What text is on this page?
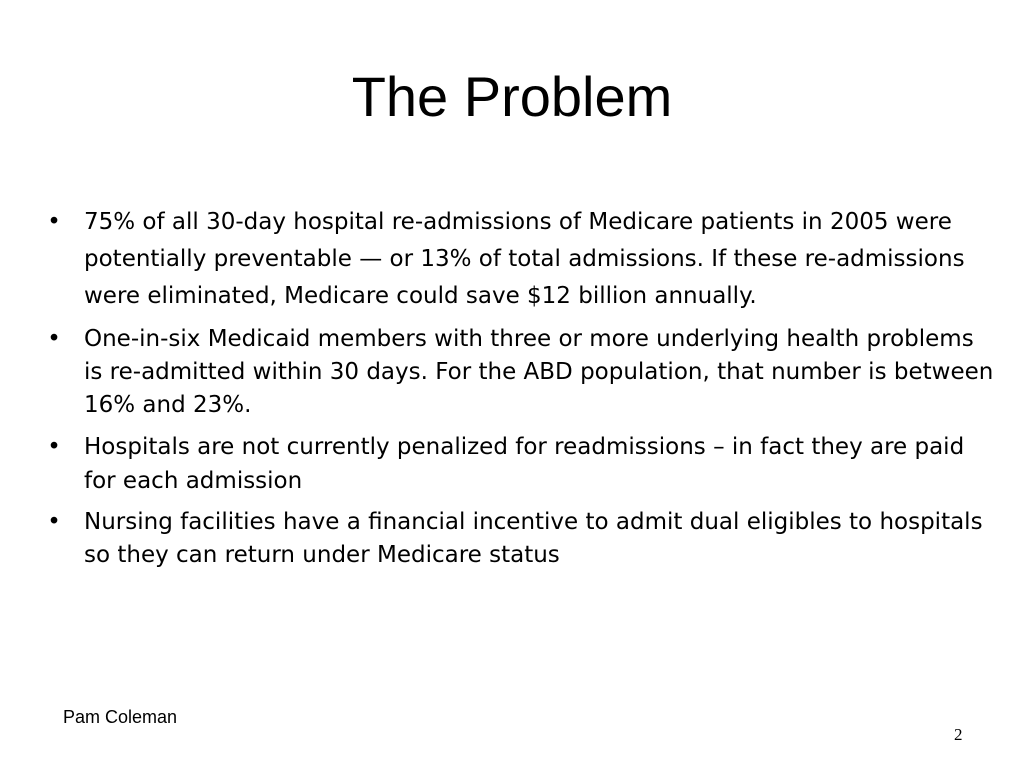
The Problem
• 75% of all 30-day hospital re-admissions of Medicare patients in 2005 were potentially preventable — or 13% of total admissions. If these re-admissions were eliminated, Medicare could save $12 billion annually.
• One-in-six Medicaid members with three or more underlying health problems is re-admitted within 30 days. For the ABD population, that number is between 16% and 23%.
• Hospitals are not currently penalized for readmissions – in fact they are paid for each admission
• Nursing facilities have a financial incentive to admit dual eligibles to hospitals so they can return under Medicare status
Pam Coleman
2
